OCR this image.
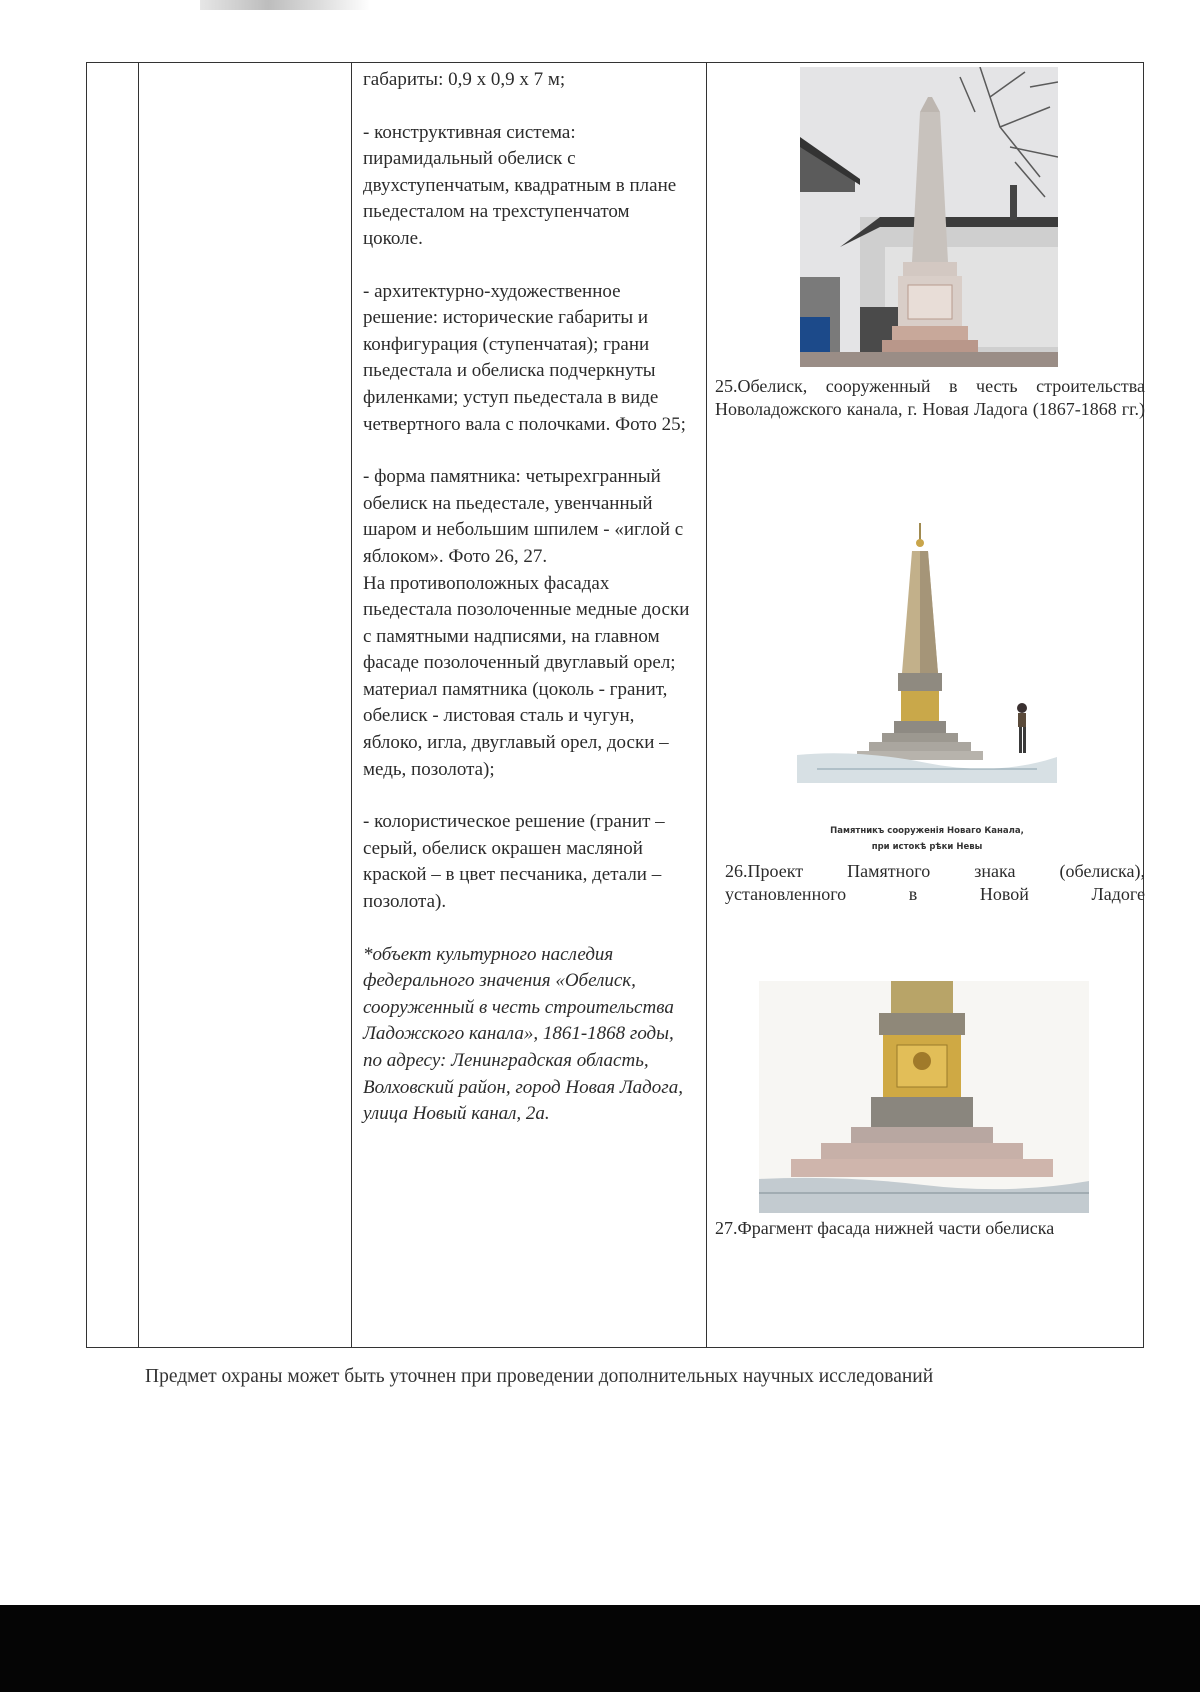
габариты: 0,9 х 0,9 х 7 м;

- конструктивная система: пирамидальный обелиск с двухступенчатым, квадратным в плане пьедесталом на трехступенчатом цоколе.

- архитектурно-художественное решение: исторические габариты и конфигурация (ступенчатая); грани пьедестала и обелиска подчеркнуты филенками; уступ пьедестала в виде четвертного вала с полочками. Фото 25;

- форма памятника: четырехгранный обелиск на пьедестале, увенчанный шаром и небольшим шпилем - «иглой с яблоком». Фото 26, 27.

На противоположных фасадах пьедестала позолоченные медные доски с памятными надписями, на главном фасаде позолоченный двуглавый орел; материал памятника (цоколь - гранит, обелиск - листовая сталь и чугун, яблоко, игла, двуглавый орел, доски – медь, позолота);

- колористическое решение (гранит – серый, обелиск окрашен масляной краской – в цвет песчаника, детали – позолота).

*объект культурного наследия федерального значения «Обелиск, сооруженный в честь строительства Ладожского канала», 1861-1868 годы, по адресу: Ленинградская область, Волховский район, город Новая Ладога, улица Новый канал, 2а.

25.Обелиск, сооруженный в честь строительства Новоладожского канала, г. Новая Ладога (1867-1868 гг.)
Памятникъ сооруженія Новаго Канала,
при истокѣ рѣки Невы
26.Проект Памятного знака (обелиска), установленного в Новой Ладоге
27.Фрагмент фасада нижней части обелиска
Предмет охраны может быть уточнен при проведении дополнительных научных исследований
